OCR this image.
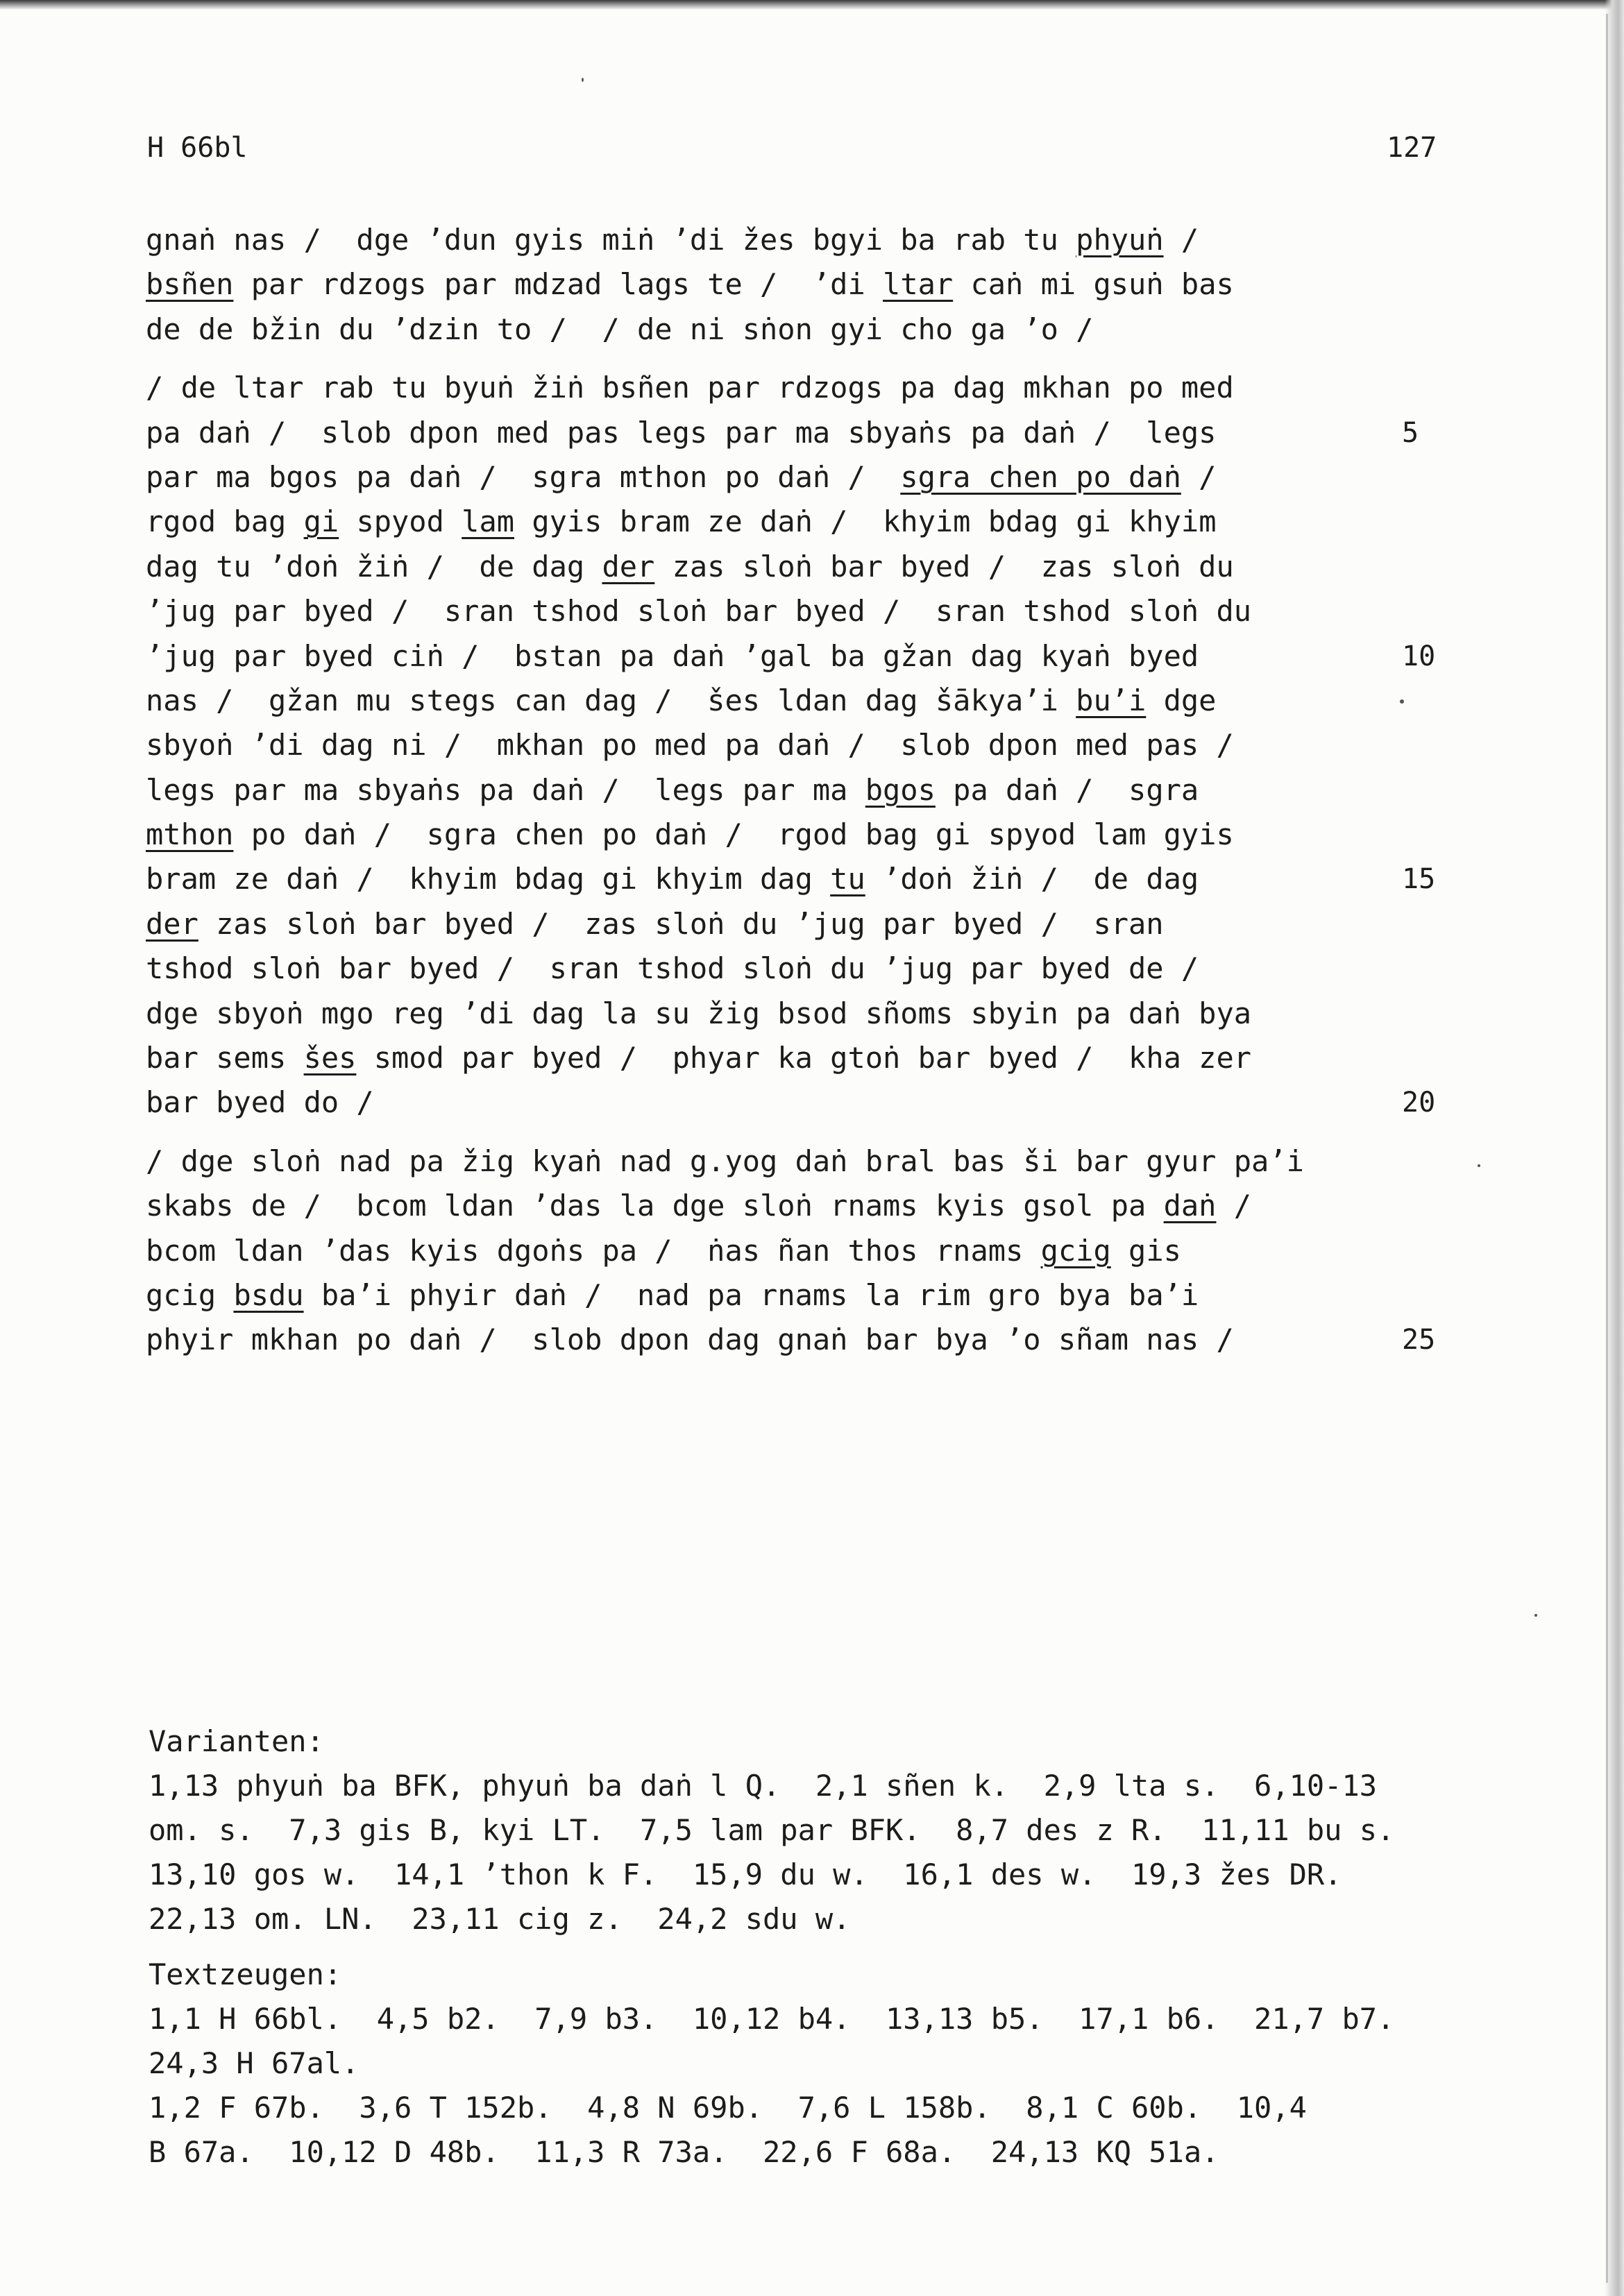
H 66bl	127
gnaṅ nas /  dge ’dun gyis miṅ ’di žes bgyi ba rab tu phyuṅ /
bsñen par rdzogs par mdzad lags te /  ’di ltar caṅ mi gsuṅ bas
de de bžin du ’dzin to /  / de ni sṅon gyi cho ga ’o /
/ de ltar rab tu byuṅ žiṅ bsñen par rdzogs pa dag mkhan po med
pa daṅ /  slob dpon med pas legs par ma sbyaṅs pa daṅ /  legs	5
par ma bgos pa daṅ /  sgra mthon po daṅ /  sgra chen po daṅ /
rgod bag gi spyod lam gyis bram ze daṅ /  khyim bdag gi khyim
dag tu ’doṅ žiṅ /  de dag der zas sloṅ bar byed /  zas sloṅ du
’jug par byed /  sran tshod sloṅ bar byed /  sran tshod sloṅ du
’jug par byed ciṅ /  bstan pa daṅ ’gal ba gžan dag kyaṅ byed	10
nas /  gžan mu stegs can dag /  šes ldan dag šākya’i bu’i dge
sbyoṅ ’di dag ni /  mkhan po med pa daṅ /  slob dpon med pas /
legs par ma sbyaṅs pa daṅ /  legs par ma bgos pa daṅ /  sgra
mthon po daṅ /  sgra chen po daṅ /  rgod bag gi spyod lam gyis
bram ze daṅ /  khyim bdag gi khyim dag tu ’doṅ žiṅ /  de dag	15
der zas sloṅ bar byed /  zas sloṅ du ’jug par byed /  sran
tshod sloṅ bar byed /  sran tshod sloṅ du ’jug par byed de /
dge sbyoṅ mgo reg ’di dag la su žig bsod sñoms sbyin pa daṅ bya
bar sems šes smod par byed /  phyar ka gtoṅ bar byed /  kha zer
bar byed do /	20
/ dge sloṅ nad pa žig kyaṅ nad g.yog daṅ bral bas ši bar gyur pa’i
skabs de /  bcom ldan ’das la dge sloṅ rnams kyis gsol pa daṅ /
bcom ldan ’das kyis dgoṅs pa /  ṅas ñan thos rnams gcig gis
gcig bsdu ba’i phyir daṅ /  nad pa rnams la rim gro bya ba’i
phyir mkhan po daṅ /  slob dpon dag gnaṅ bar bya ’o sñam nas /	25
Varianten:
1,13 phyuṅ ba BFK, phyuṅ ba daṅ l Q.  2,1 sñen k.  2,9 lta s.  6,10-13
om. s.  7,3 gis B, kyi LT.  7,5 lam par BFK.  8,7 des z R.  11,11 bu s.
13,10 gos w.  14,1 ’thon k F.  15,9 du w.  16,1 des w.  19,3 žes DR.
22,13 om. LN.  23,11 cig z.  24,2 sdu w.
Textzeugen:
1,1 H 66bl.  4,5 b2.  7,9 b3.  10,12 b4.  13,13 b5.  17,1 b6.  21,7 b7.
24,3 H 67al.
1,2 F 67b.  3,6 T 152b.  4,8 N 69b.  7,6 L 158b.  8,1 C 60b.  10,4
B 67a.  10,12 D 48b.  11,3 R 73a.  22,6 F 68a.  24,13 KQ 51a.
